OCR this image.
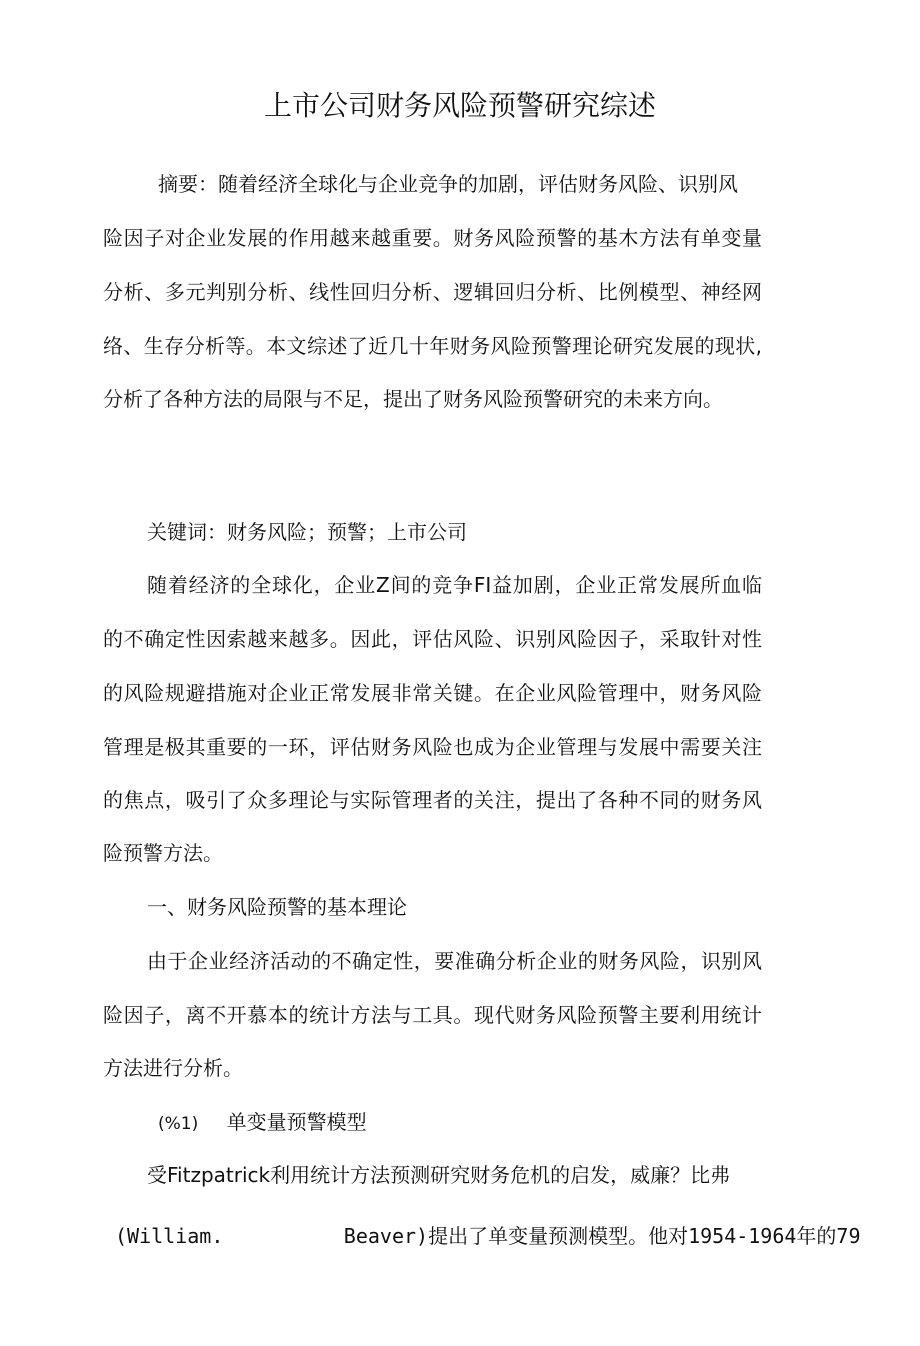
上市公司财务风险预警研究综述
摘要：随着经济全球化与企业竞争的加剧，评估财务风险、识别风
险因子对企业发展的作用越来越重要。财务风险预警的基木方法有单变量
分析、多元判别分析、线性回归分析、逻辑回归分析、比例模型、神经网
络、生存分析等。本文综述了近几十年财务风险预警理论研究发展的现状,
分析了各种方法的局限与不足，提出了财务风险预警研究的未来方向。
关键词：财务风险；预警；上市公司
随着经济的全球化，企业Z间的竞争FI益加剧，企业正常发展所血临
的不确定性因索越来越多。因此，评估风险、识别风险因子，采取针对性
的风险规避措施对企业正常发展非常关键。在企业风险管理中，财务风险
管理是极其重要的一环，评估财务风险也成为企业管理与发展中需要关注
的焦点，吸引了众多理论与实际管理者的关注，提出了各种不同的财务风
险预警方法。
一、财务风险预警的基本理论
由于企业经济活动的不确定性，要准确分析企业的财务风险，识别风
险因子，离不开慕本的统计方法与工具。现代财务风险预警主要利用统计
方法进行分析。
(%1) 单变量预警模型
受Fitzpatrick利用统计方法预测研究财务危机的启发，威廉？比弗
(William.          Beaver)提出了单变量预测模型。他对1954-1964年的79
